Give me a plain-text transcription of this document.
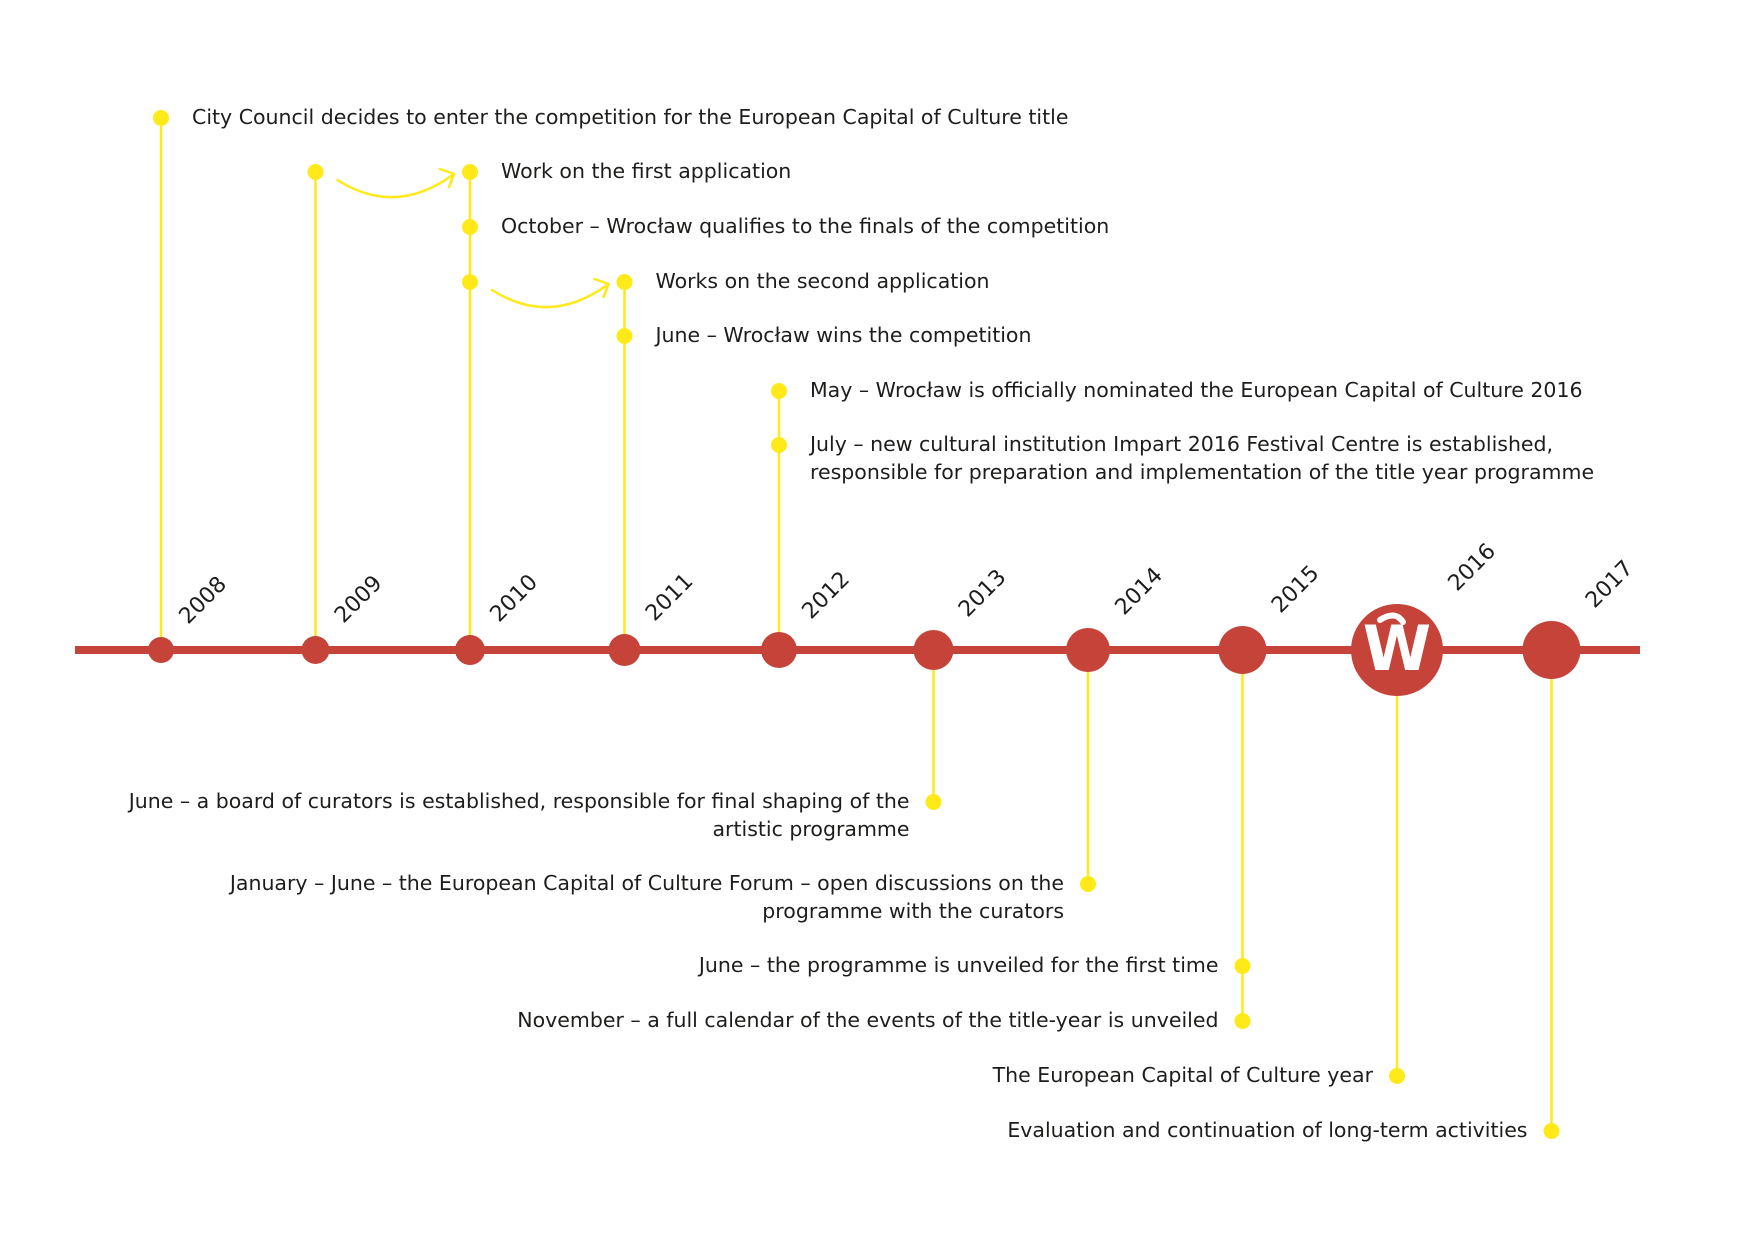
W
2008	2009	2010	2011	2012	2013	2014	2015	2016	2017
City Council decides to enter the competition for the European Capital of Culture title
Work on the first application
October – Wrocław qualifies to the finals of the competition
Works on the second application
June – Wrocław wins the competition
May – Wrocław is officially nominated the European Capital of Culture 2016
July – new cultural institution Impart 2016 Festival Centre is established,
responsible for preparation and implementation of the title year programme
June – a board of curators is established, responsible for final shaping of the
artistic programme
January – June – the European Capital of Culture Forum – open discussions on the
programme with the curators
June – the programme is unveiled for the first time
November – a full calendar of the events of the title-year is unveiled
The European Capital of Culture year
Evaluation and continuation of long-term activities
